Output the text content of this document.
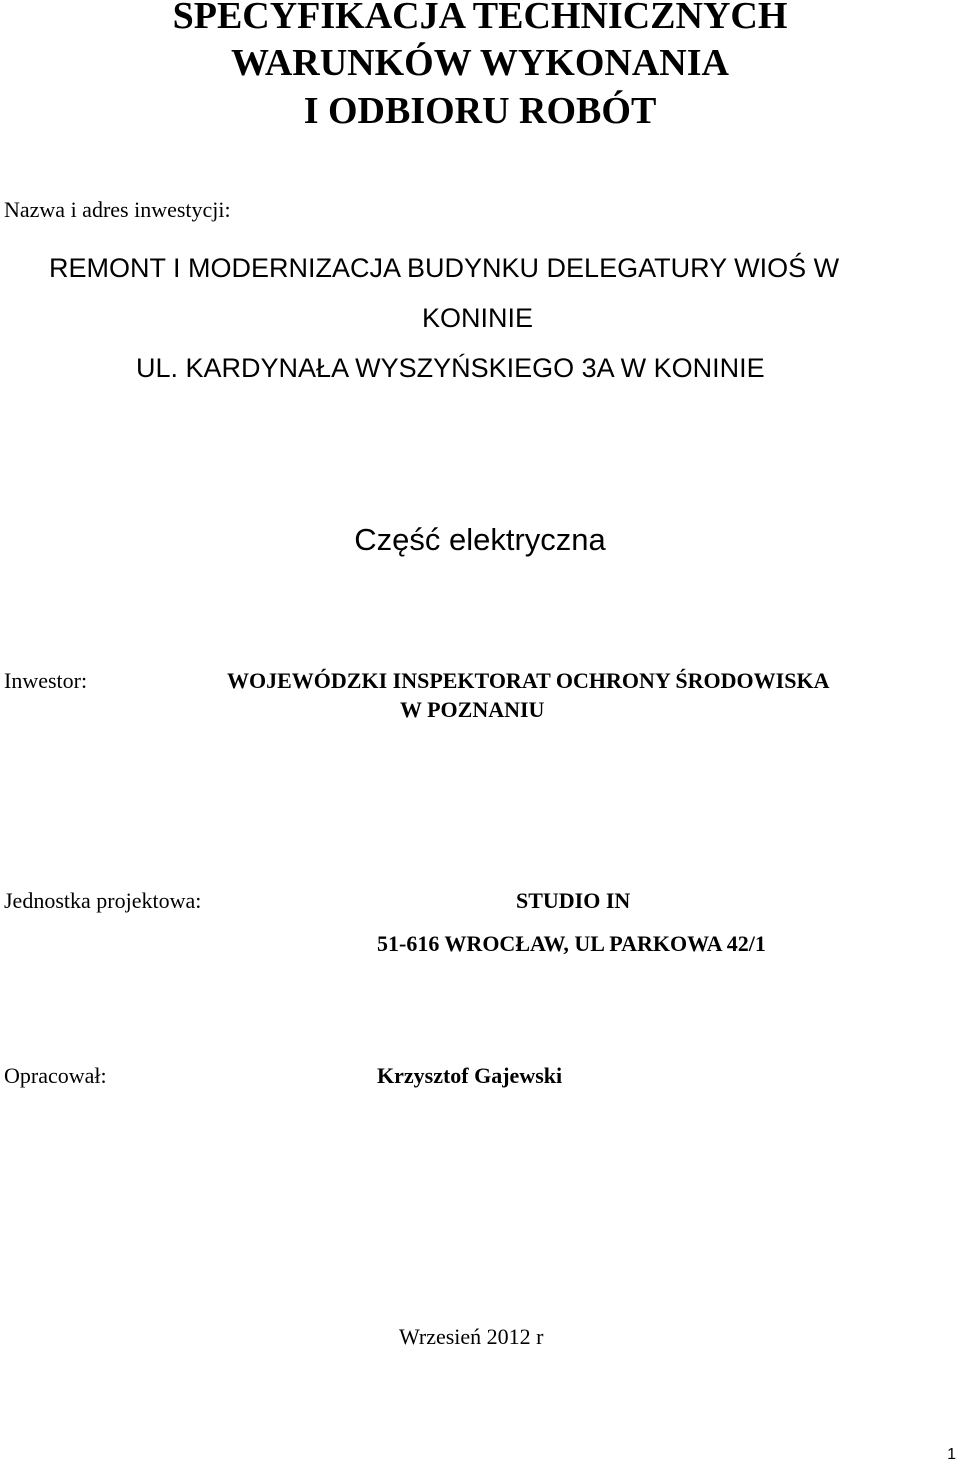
SPECYFIKACJA TECHNICZNYCH
WARUNKÓW WYKONANIA
I ODBIORU ROBÓT
Nazwa i adres inwestycji:
REMONT I MODERNIZACJA BUDYNKU DELEGATURY WIOŚ W
KONINIE
UL. KARDYNAŁA WYSZYŃSKIEGO 3A W KONINIE
Część elektryczna
Inwestor:	WOJEWÓDZKI INSPEKTORAT OCHRONY ŚRODOWISKA
W POZNANIU
Jednostka projektowa:	STUDIO IN
51-616 WROCŁAW, UL PARKOWA 42/1
Opracował:	Krzysztof Gajewski
Wrzesień 2012 r
1
